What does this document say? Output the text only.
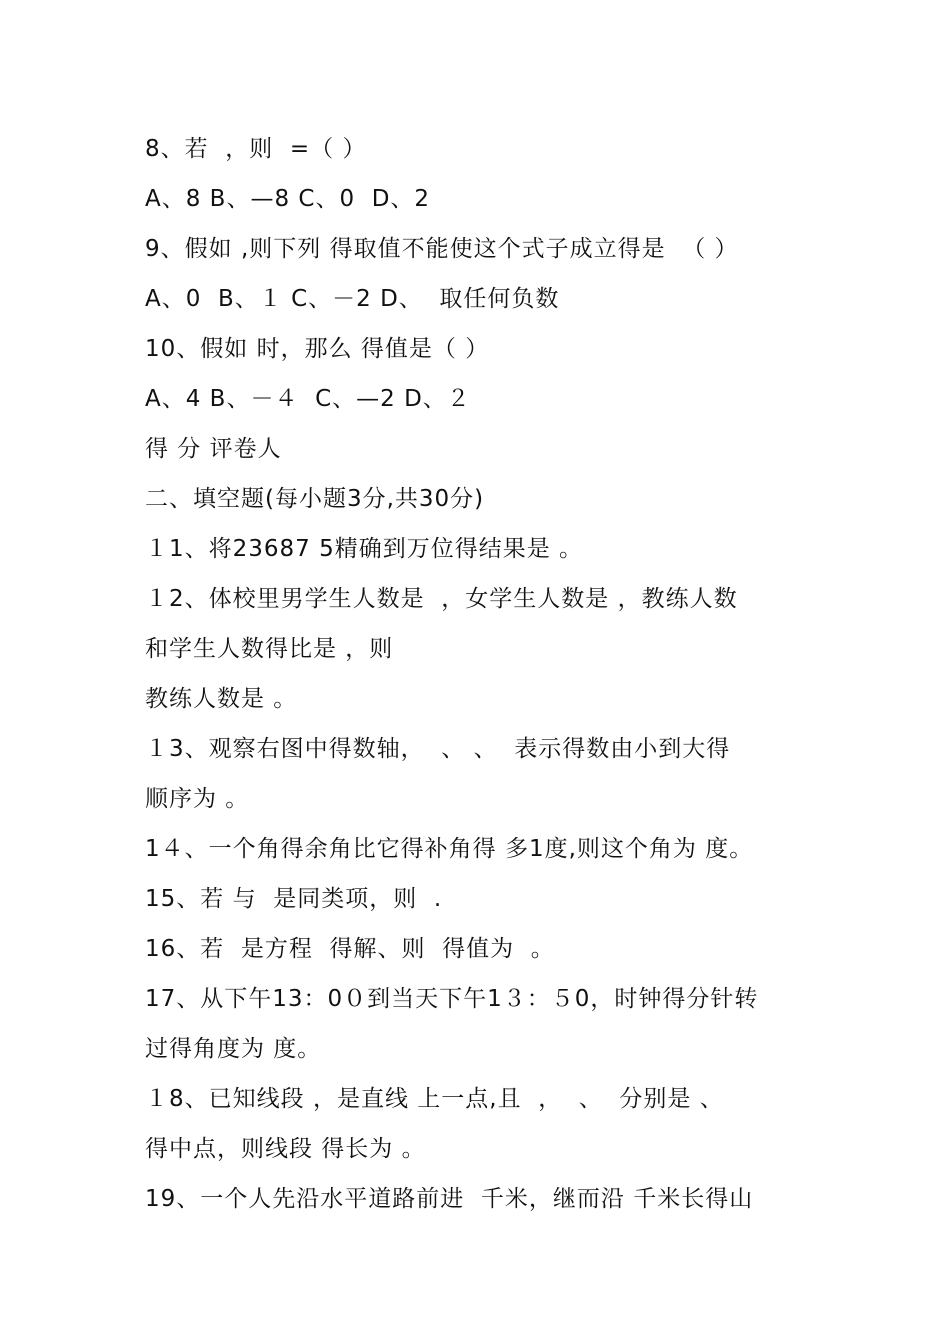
8、若  ，则  =（ ）
A、8 B、—8 C、0  D、2
9、假如 ,则下列 得取值不能使这个式子成立得是  （ ）
A、0  B、１ C、－2 D、  取任何负数
10、假如 时，那么 得值是（ ）
A、4 B、－４  C、—2 D、２
得 分 评卷人
二、填空题(每小题3分,共30分)
１1、将23687 5精确到万位得结果是 。
１2、体校里男学生人数是  ，女学生人数是 ，教练人数
和学生人数得比是 ，则
教练人数是 。
１3、观察右图中得数轴，  、 、  表示得数由小到大得
顺序为 。
1４、一个角得余角比它得补角得 多1度,则这个角为 度。
15、若 与  是同类项，则  .
16、若  是方程  得解、则  得值为  。
17、从下午13：0０到当天下午1３：５0，时钟得分针转
过得角度为 度。
１8、已知线段 ，是直线 上一点,且  ，  、  分别是 、
得中点，则线段 得长为 。
19、一个人先沿水平道路前进  千米，继而沿 千米长得山
